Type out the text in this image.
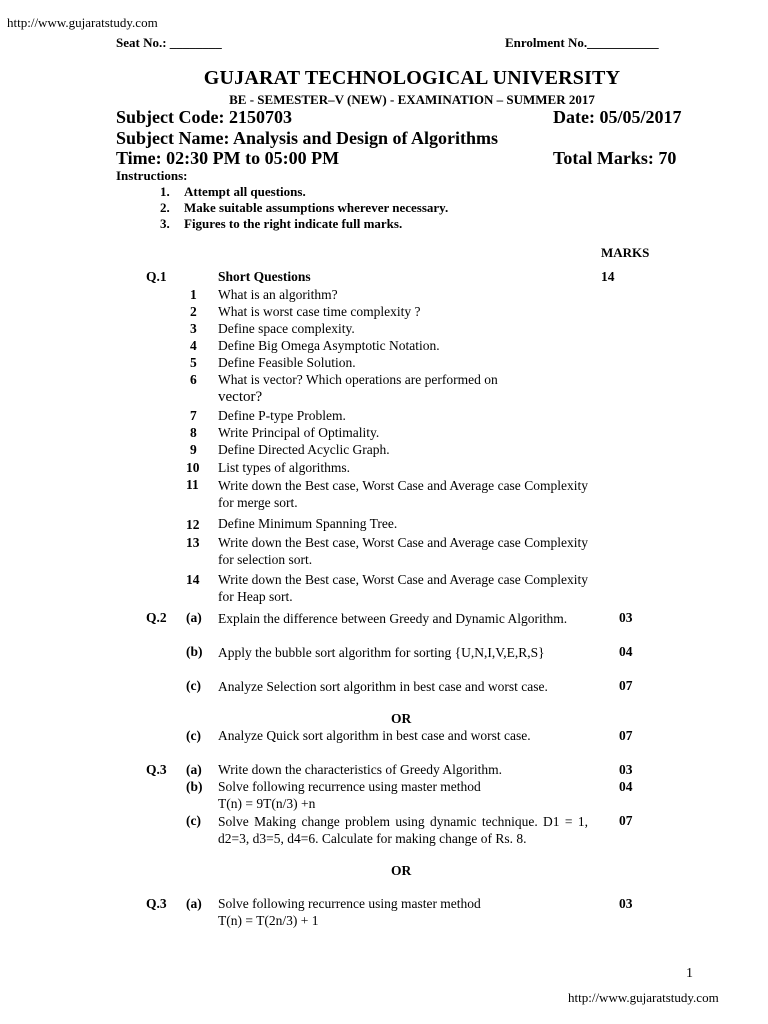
http://www.gujaratstudy.com
Seat No.: ________	Enrolment No.___________
GUJARAT TECHNOLOGICAL UNIVERSITY
BE - SEMESTER–V (NEW) - EXAMINATION – SUMMER 2017
Subject Code: 2150703	Date: 05/05/2017
Subject Name: Analysis and Design of Algorithms
Time: 02:30 PM to 05:00 PM	Total Marks: 70
Instructions:
1. Attempt all questions.
2. Make suitable assumptions wherever necessary.
3. Figures to the right indicate full marks.
MARKS
Q.1	Short Questions	14
1 What is an algorithm?
2 What is worst case time complexity ?
3 Define space complexity.
4 Define Big Omega Asymptotic Notation.
5 Define Feasible Solution.
6 What is vector? Which operations are performed on
vector?
7 Define P-type Problem.
8 Write Principal of Optimality.
9 Define Directed Acyclic Graph.
10 List types of algorithms.
11 Write down the Best case, Worst Case and Average case Complexity for merge sort.
12 Define Minimum Spanning Tree.
13 Write down the Best case, Worst Case and Average case Complexity for selection sort.
14 Write down the Best case, Worst Case and Average case Complexity for Heap sort.
Q.2 (a) Explain the difference between Greedy and Dynamic Algorithm.	03
(b) Apply the bubble sort algorithm for sorting {U,N,I,V,E,R,S}	04
(c) Analyze Selection sort algorithm in best case and worst case.	07
OR
(c) Analyze Quick sort algorithm in best case and worst case.	07
Q.3 (a) Write down the characteristics of Greedy Algorithm.	03
(b) Solve following recurrence using master method
T(n) = 9T(n/3) +n
04
(c) Solve Making change problem using dynamic technique. D1 = 1, d2=3, d3=5, d4=6. Calculate for making change of Rs. 8.
07
OR
Q.3 (a) Solve following recurrence using master method
T(n) = T(2n/3) + 1
03
1
http://www.gujaratstudy.com
